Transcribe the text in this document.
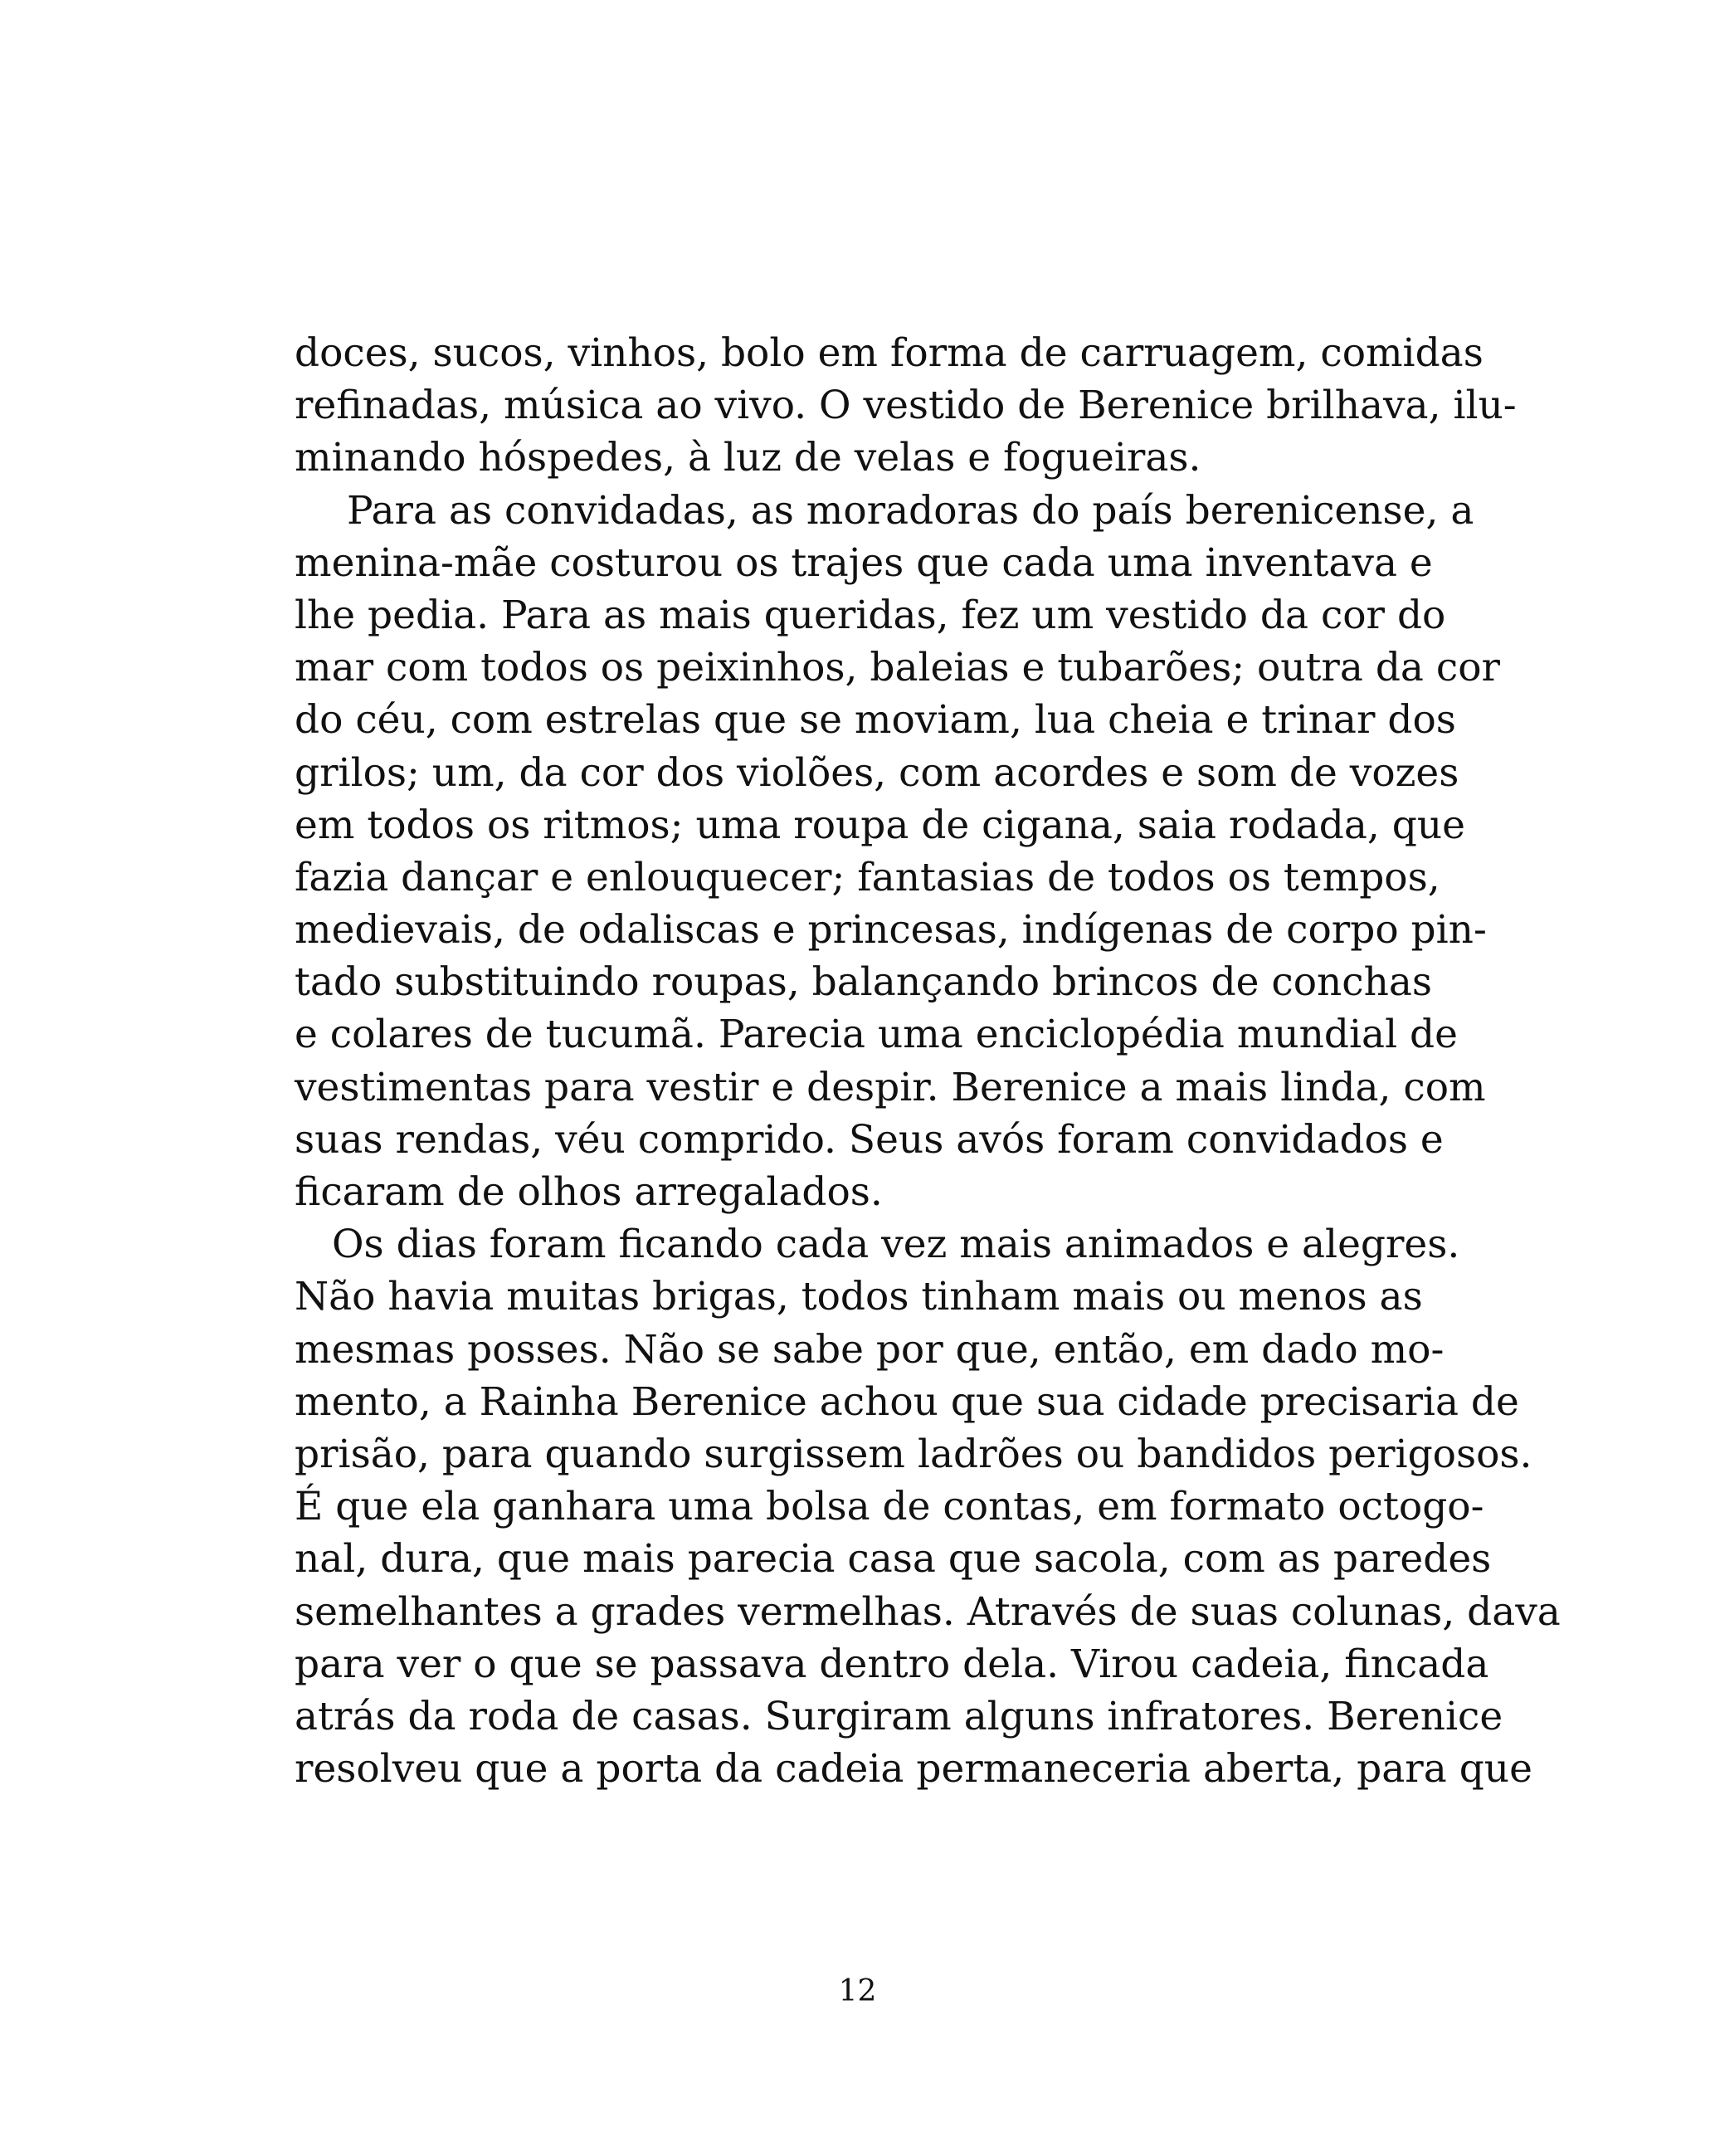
doces, sucos, vinhos, bolo em forma de carruagem, comidas
refinadas, música ao vivo. O vestido de Berenice brilhava, ilu-
minando hóspedes, à luz de velas e fogueiras.
Para as convidadas, as moradoras do país berenicense, a
menina-mãe costurou os trajes que cada uma inventava e
lhe pedia. Para as mais queridas, fez um vestido da cor do
mar com todos os peixinhos, baleias e tubarões; outra da cor
do céu, com estrelas que se moviam, lua cheia e trinar dos
grilos; um, da cor dos violões, com acordes e som de vozes
em todos os ritmos; uma roupa de cigana, saia rodada, que
fazia dançar e enlouquecer; fantasias de todos os tempos,
medievais, de odaliscas e princesas, indígenas de corpo pin-
tado substituindo roupas, balançando brincos de conchas
e colares de tucumã. Parecia uma enciclopédia mundial de
vestimentas para vestir e despir. Berenice a mais linda, com
suas rendas, véu comprido. Seus avós foram convidados e
ficaram de olhos arregalados.
Os dias foram ficando cada vez mais animados e alegres.
Não havia muitas brigas, todos tinham mais ou menos as
mesmas posses. Não se sabe por que, então, em dado mo-
mento, a Rainha Berenice achou que sua cidade precisaria de
prisão, para quando surgissem ladrões ou bandidos perigosos.
É que ela ganhara uma bolsa de contas, em formato octogo-
nal, dura, que mais parecia casa que sacola, com as paredes
semelhantes a grades vermelhas. Através de suas colunas, dava
para ver o que se passava dentro dela. Virou cadeia, fincada
atrás da roda de casas. Surgiram alguns infratores. Berenice
resolveu que a porta da cadeia permaneceria aberta, para que
12
